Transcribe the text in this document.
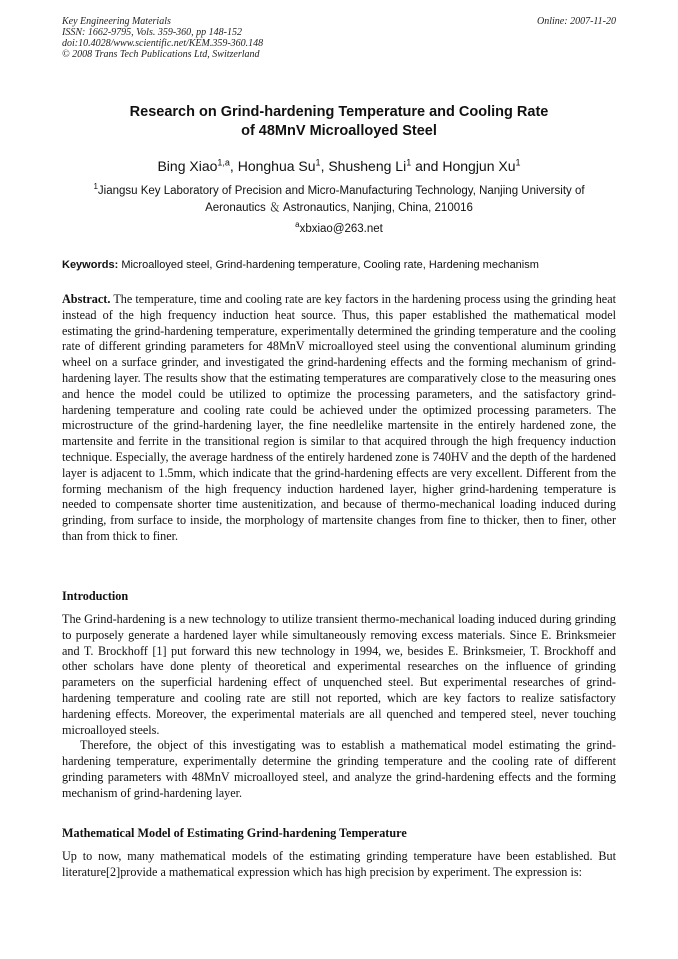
Key Engineering Materials
ISSN: 1662-9795, Vols. 359-360, pp 148-152
doi:10.4028/www.scientific.net/KEM.359-360.148
© 2008 Trans Tech Publications Ltd, Switzerland
Online: 2007-11-20
Research on Grind-hardening Temperature and Cooling Rate
of 48MnV Microalloyed Steel
Bing Xiao$^{1,a}$, Honghua Su$^1$, Shusheng Li$^1$ and Hongjun Xu$^1$
$^1$Jiangsu Key Laboratory of Precision and Micro-Manufacturing Technology, Nanjing University of
Aeronautics ＆ Astronautics, Nanjing, China, 210016
$^a$xbxiao@263.net
Keywords: Microalloyed steel, Grind-hardening temperature, Cooling rate, Hardening mechanism

Abstract. The temperature, time and cooling rate are key factors in the hardening process using the grinding heat instead of the high frequency induction heat source. Thus, this paper established the mathematical model estimating the grind-hardening temperature, experimentally determined the grinding temperature and the cooling rate of different grinding parameters for 48MnV microalloyed steel using the conventional aluminum grinding wheel on a surface grinder, and investigated the grind-hardening effects and the forming mechanism of grind-hardening layer. The results show that the estimating temperatures are comparatively close to the measuring ones and hence the model could be utilized to optimize the processing parameters, and the satisfactory grind-hardening temperature and cooling rate could be achieved under the optimized processing parameters. The microstructure of the grind-hardening layer, the fine needlelike martensite in the entirely hardened zone, the martensite and ferrite in the transitional region is similar to that acquired through the high frequency induction technique. Especially, the average hardness of the entirely hardened zone is 740HV and the depth of the hardened layer is adjacent to 1.5mm, which indicate that the grind-hardening effects are very excellent. Different from the forming mechanism of the high frequency induction hardened layer, higher grind-hardening temperature is needed to compensate shorter time austenitization, and because of thermo-mechanical loading induced during grinding, from surface to inside, the morphology of martensite changes from fine to thicker, then to finer, other than from thick to finer.

Introduction

The Grind-hardening is a new technology to utilize transient thermo-mechanical loading induced during grinding to purposely generate a hardened layer while simultaneously removing excess materials. Since E. Brinksmeier and T. Brockhoff [1] put forward this new technology in 1994, we, besides E. Brinksmeier, T. Brockhoff and other scholars have done plenty of theoretical and experimental researches on the influence of grinding parameters on the superficial hardening effect of unquenched steel. But experimental researches of grind-hardening temperature and cooling rate are still not reported, which are key factors to realize satisfactory hardening effects. Moreover, the experimental materials are all quenched and tempered steel, never touching microalloyed steels.

Therefore, the object of this investigating was to establish a mathematical model estimating the grind-hardening temperature, experimentally determine the grinding temperature and the cooling rate of different grinding parameters with 48MnV microalloyed steel, and analyze the grind-hardening effects and the forming mechanism of grind-hardening layer.

Mathematical Model of Estimating Grind-hardening Temperature

Up to now, many mathematical models of the estimating grinding temperature have been established. But literature[2]provide a mathematical expression which has high precision by experiment. The expression is:
